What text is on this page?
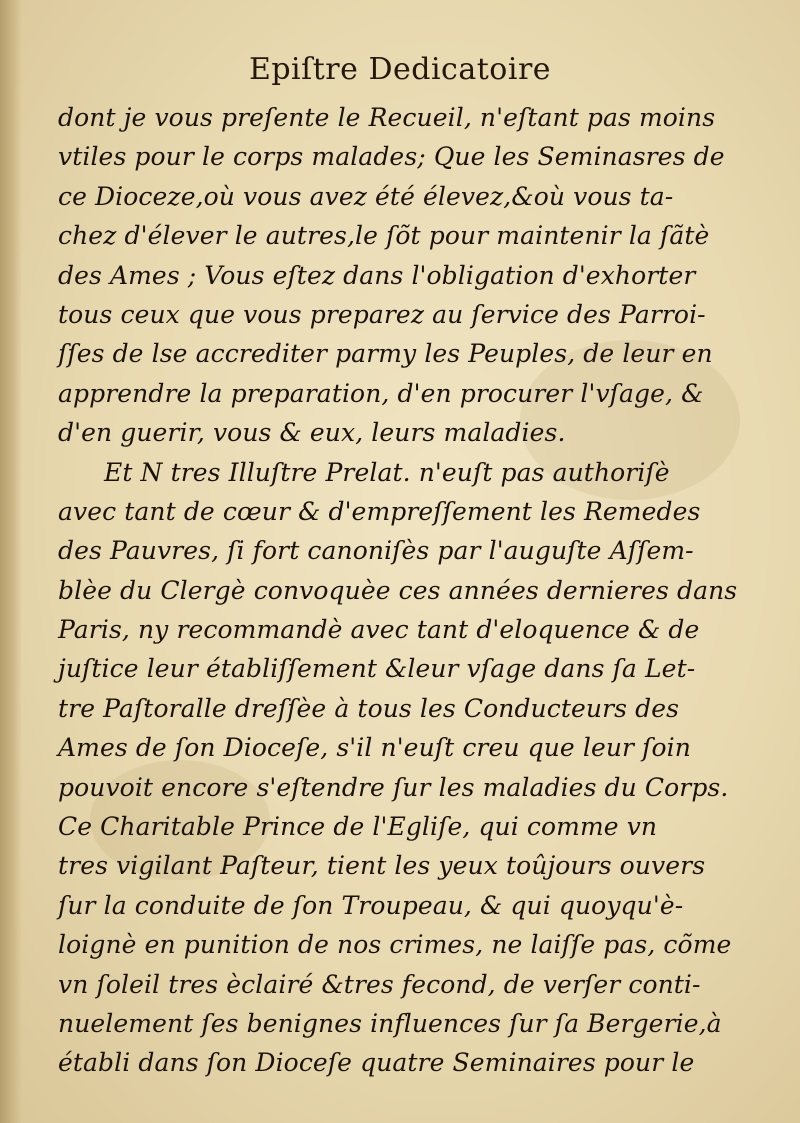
Epiſtre Dedicatoire
dont je vous preſente le Recueil, n'eſtant pas moins
vtiles pour le corps malades; Que les Seminasres de
ce Dioceze,où vous avez été élevez,&où vous ta-
chez d'élever le autres,le ſõt pour maintenir la ſãtè
des Ames ; Vous eſtez dans l'obligation d'exhorter
tous ceux que vous preparez au ſervice des Parroi-
ſſes de lse accrediter parmy les Peuples, de leur en
apprendre la preparation, d'en procurer l'vſage, &
d'en guerir, vous & eux, leurs maladies.
Et N tres Illuſtre Prelat. n'euſt pas authoriſè
avec tant de cœur & d'empreſſement les Remedes
des Pauvres, ſi fort canoniſès par l'auguſte Aſſem-
blèe du Clergè convoquèe ces années dernieres dans
Paris, ny recommandè avec tant d'eloquence & de
juſtice leur établiſſement &leur vſage dans ſa Let-
tre Paſtoralle dreſſèe à tous les Conducteurs des
Ames de ſon Dioceſe, s'il n'euſt creu que leur ſoin
pouvoit encore s'eſtendre ſur les maladies du Corps.
Ce Charitable Prince de l'Egliſe, qui comme vn
tres vigilant Paſteur, tient les yeux toûjours ouvers
ſur la conduite de ſon Troupeau, & qui quoyqu'è-
loignè en punition de nos crimes, ne laiſſe pas, cõme
vn ſoleil tres èclairé &tres fecond, de verſer conti-
nuelement ſes benignes influences ſur ſa Bergerie,à
établi dans ſon Dioceſe quatre Seminaires pour le
